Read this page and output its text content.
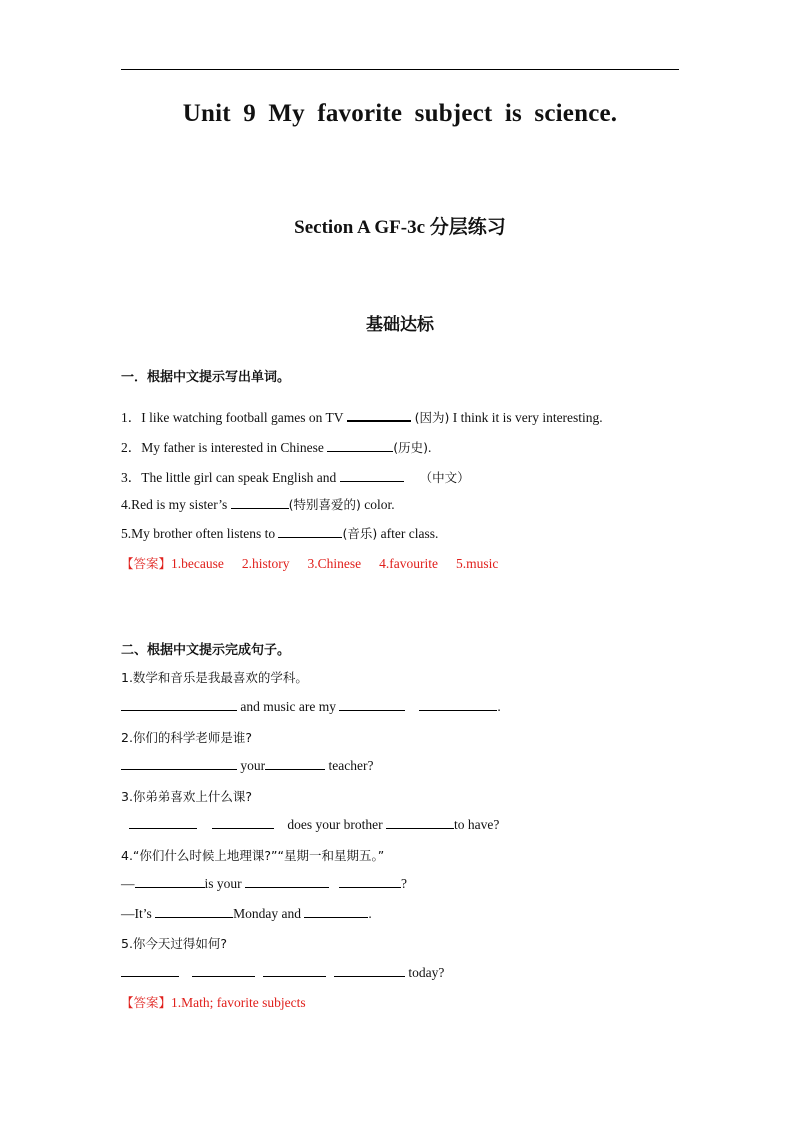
Unit 9 My favorite subject is science.
Section A GF-3c 分层练习
基础达标
一．根据中文提示写出单词。
1．I like watching football games on TV	(因为) I think it is very interesting.
2．My father is interested in Chinese	(历史).
3．The little girl can speak English and	（中文）
4.Red is my sister’s	(特别喜爱的) color.
5.My brother often listens to	(音乐) after class.
【答案】1.because 2.history 3.Chinese 4.favourite 5.music
二、根据中文提示完成句子。
1.数学和音乐是我最喜欢的学科。
and music are my	.
2.你们的科学老师是谁?
your	teacher?
3.你弟弟喜欢上什么课?
does your brother	to have?
4.“你们什么时候上地理课?”“星期一和星期五。”
—	is your	?
—It’s	Monday and	.
5.你今天过得如何?
today?
【答案】1.Math; favorite subjects
